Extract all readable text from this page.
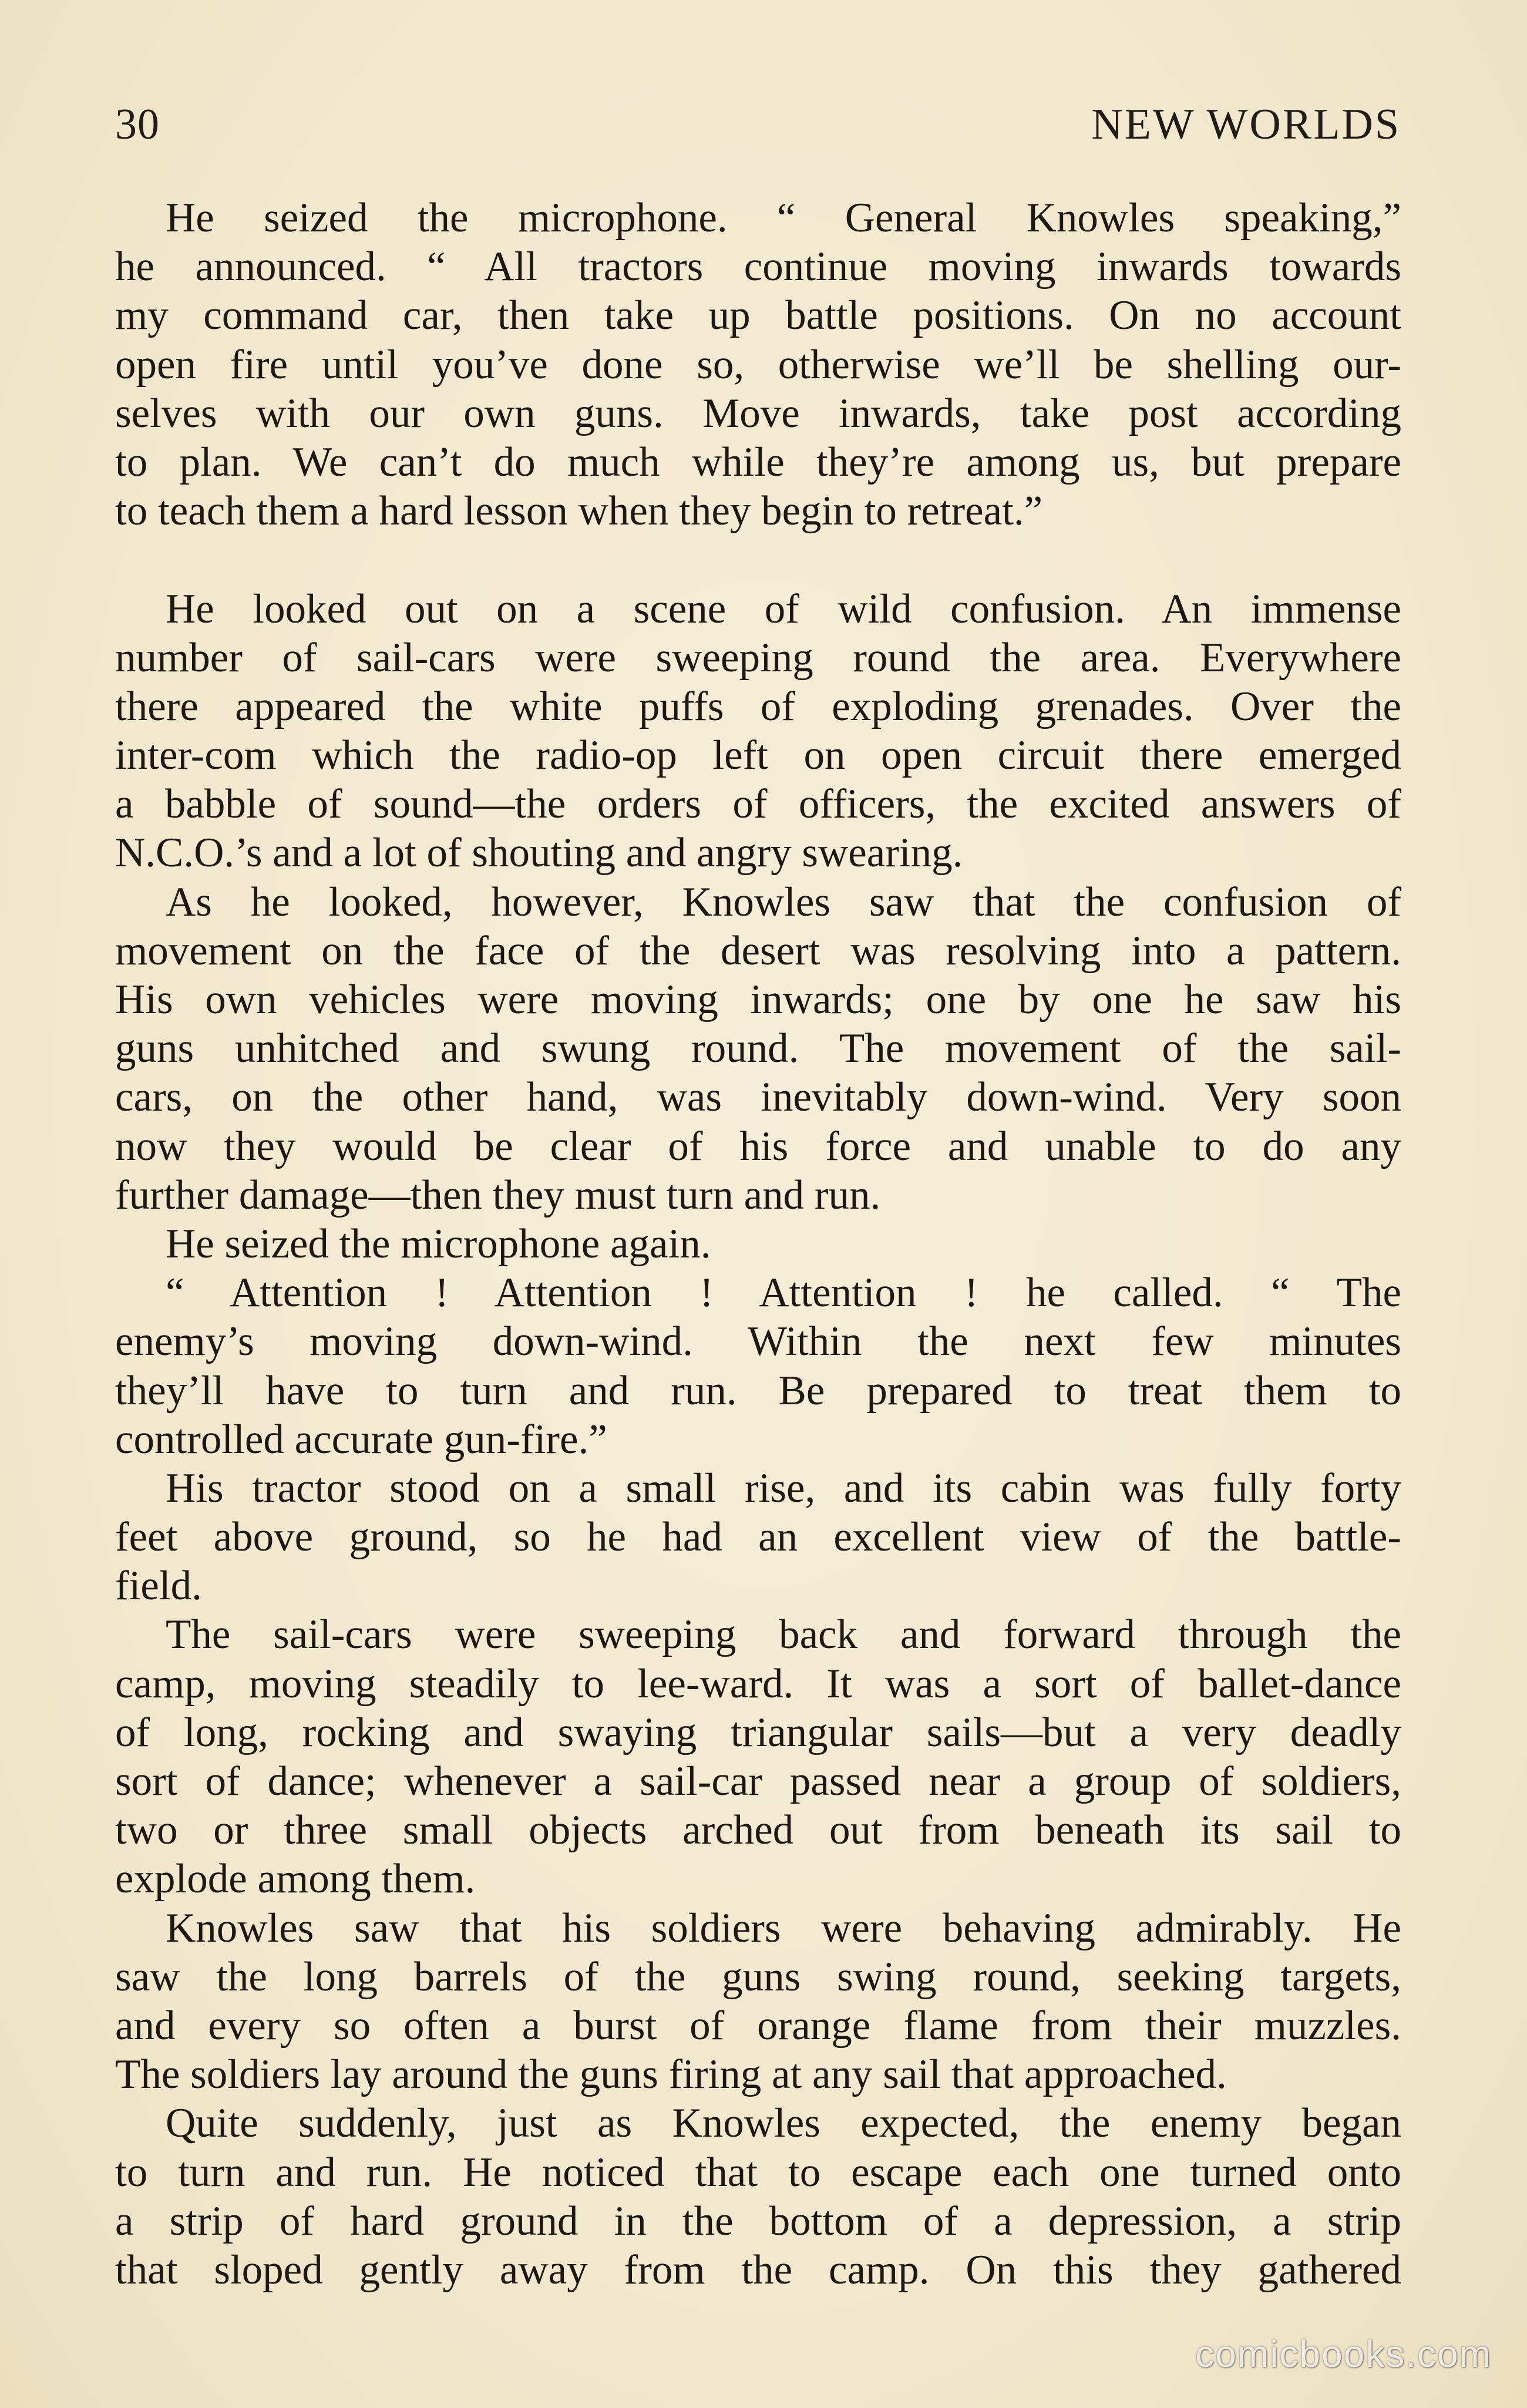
30	NEW WORLDS
He seized the microphone. “ General Knowles speaking,”
he announced. “ All tractors continue moving inwards towards
my command car, then take up battle positions. On no account
open fire until you’ve done so, otherwise we’ll be shelling our-
selves with our own guns. Move inwards, take post according
to plan. We can’t do much while they’re among us, but prepare
to teach them a hard lesson when they begin to retreat.”
He looked out on a scene of wild confusion. An immense
number of sail-cars were sweeping round the area. Everywhere
there appeared the white puffs of exploding grenades. Over the
inter-com which the radio-op left on open circuit there emerged
a babble of sound—the orders of officers, the excited answers of
N.C.O.’s and a lot of shouting and angry swearing.
As he looked, however, Knowles saw that the confusion of
movement on the face of the desert was resolving into a pattern.
His own vehicles were moving inwards; one by one he saw his
guns unhitched and swung round. The movement of the sail-
cars, on the other hand, was inevitably down-wind. Very soon
now they would be clear of his force and unable to do any
further damage—then they must turn and run.
He seized the microphone again.
“ Attention ! Attention ! Attention ! he called. “ The
enemy’s moving down-wind. Within the next few minutes
they’ll have to turn and run. Be prepared to treat them to
controlled accurate gun-fire.”
His tractor stood on a small rise, and its cabin was fully forty
feet above ground, so he had an excellent view of the battle-
field.
The sail-cars were sweeping back and forward through the
camp, moving steadily to lee-ward. It was a sort of ballet-dance
of long, rocking and swaying triangular sails—but a very deadly
sort of dance; whenever a sail-car passed near a group of soldiers,
two or three small objects arched out from beneath its sail to
explode among them.
Knowles saw that his soldiers were behaving admirably. He
saw the long barrels of the guns swing round, seeking targets,
and every so often a burst of orange flame from their muzzles.
The soldiers lay around the guns firing at any sail that approached.
Quite suddenly, just as Knowles expected, the enemy began
to turn and run. He noticed that to escape each one turned onto
a strip of hard ground in the bottom of a depression, a strip
that sloped gently away from the camp. On this they gathered
comicbooks.com
